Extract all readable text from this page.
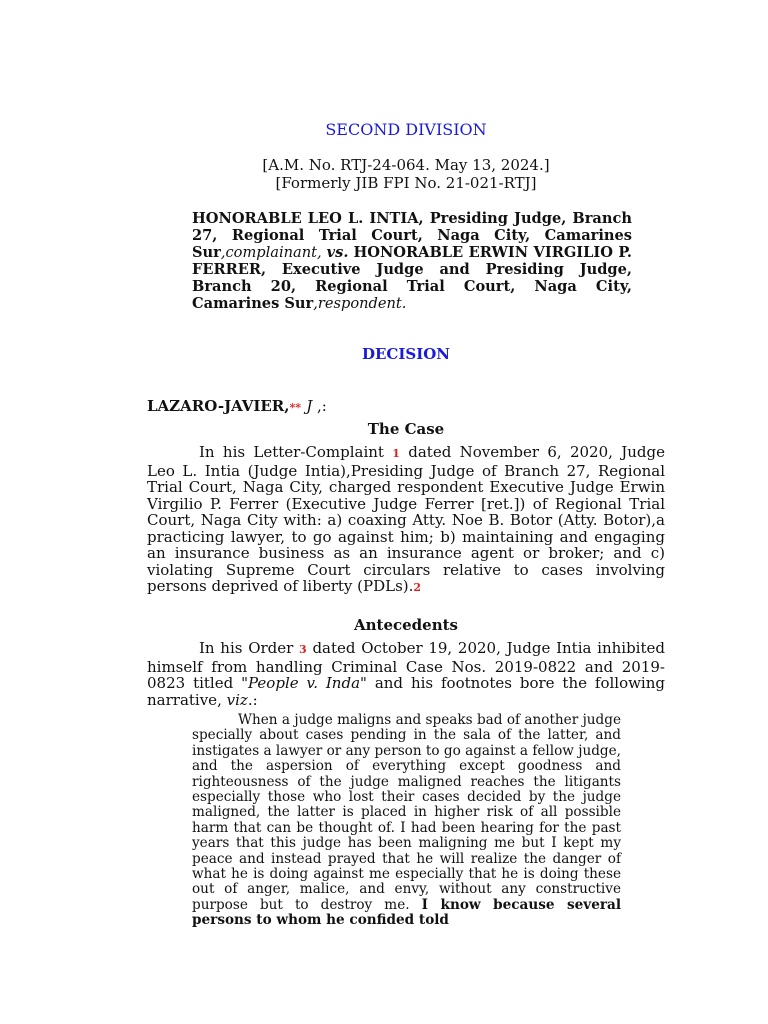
SECOND DIVISION
[A.M. No. RTJ-24-064. May 13, 2024.]
[Formerly JIB FPI No. 21-021-RTJ]
HONORABLE LEO L. INTIA, Presiding Judge, Branch 27, Regional Trial Court, Naga City, Camarines Sur,complainant, vs. HONORABLE ERWIN VIRGILIO P. FERRER, Executive Judge and Presiding Judge, Branch 20, Regional Trial Court, Naga City, Camarines Sur,respondent.
DECISION
LAZARO-JAVIER,** J ,:
The Case
In his Letter-Complaint 1 dated November 6, 2020, Judge Leo L. Intia (Judge Intia),Presiding Judge of Branch 27, Regional Trial Court, Naga City, charged respondent Executive Judge Erwin Virgilio P. Ferrer (Executive Judge Ferrer [ret.]) of Regional Trial Court, Naga City with: a) coaxing Atty. Noe B. Botor (Atty. Botor),a practicing lawyer, to go against him; b) maintaining and engaging an insurance business as an insurance agent or broker; and c) violating Supreme Court circulars relative to cases involving persons deprived of liberty (PDLs).2
Antecedents
In his Order 3 dated October 19, 2020, Judge Intia inhibited himself from handling Criminal Case Nos. 2019-0822 and 2019-0823 titled "People v. Inda" and his footnotes bore the following narrative, viz.:
When a judge maligns and speaks bad of another judge specially about cases pending in the sala of the latter, and instigates a lawyer or any person to go against a fellow judge, and the aspersion of everything except goodness and righteousness of the judge maligned reaches the litigants especially those who lost their cases decided by the judge maligned, the latter is placed in higher risk of all possible harm that can be thought of. I had been hearing for the past years that this judge has been maligning me but I kept my peace and instead prayed that he will realize the danger of what he is doing against me especially that he is doing these out of anger, malice, and envy, without any constructive purpose but to destroy me. I know because several persons to whom he confided told
